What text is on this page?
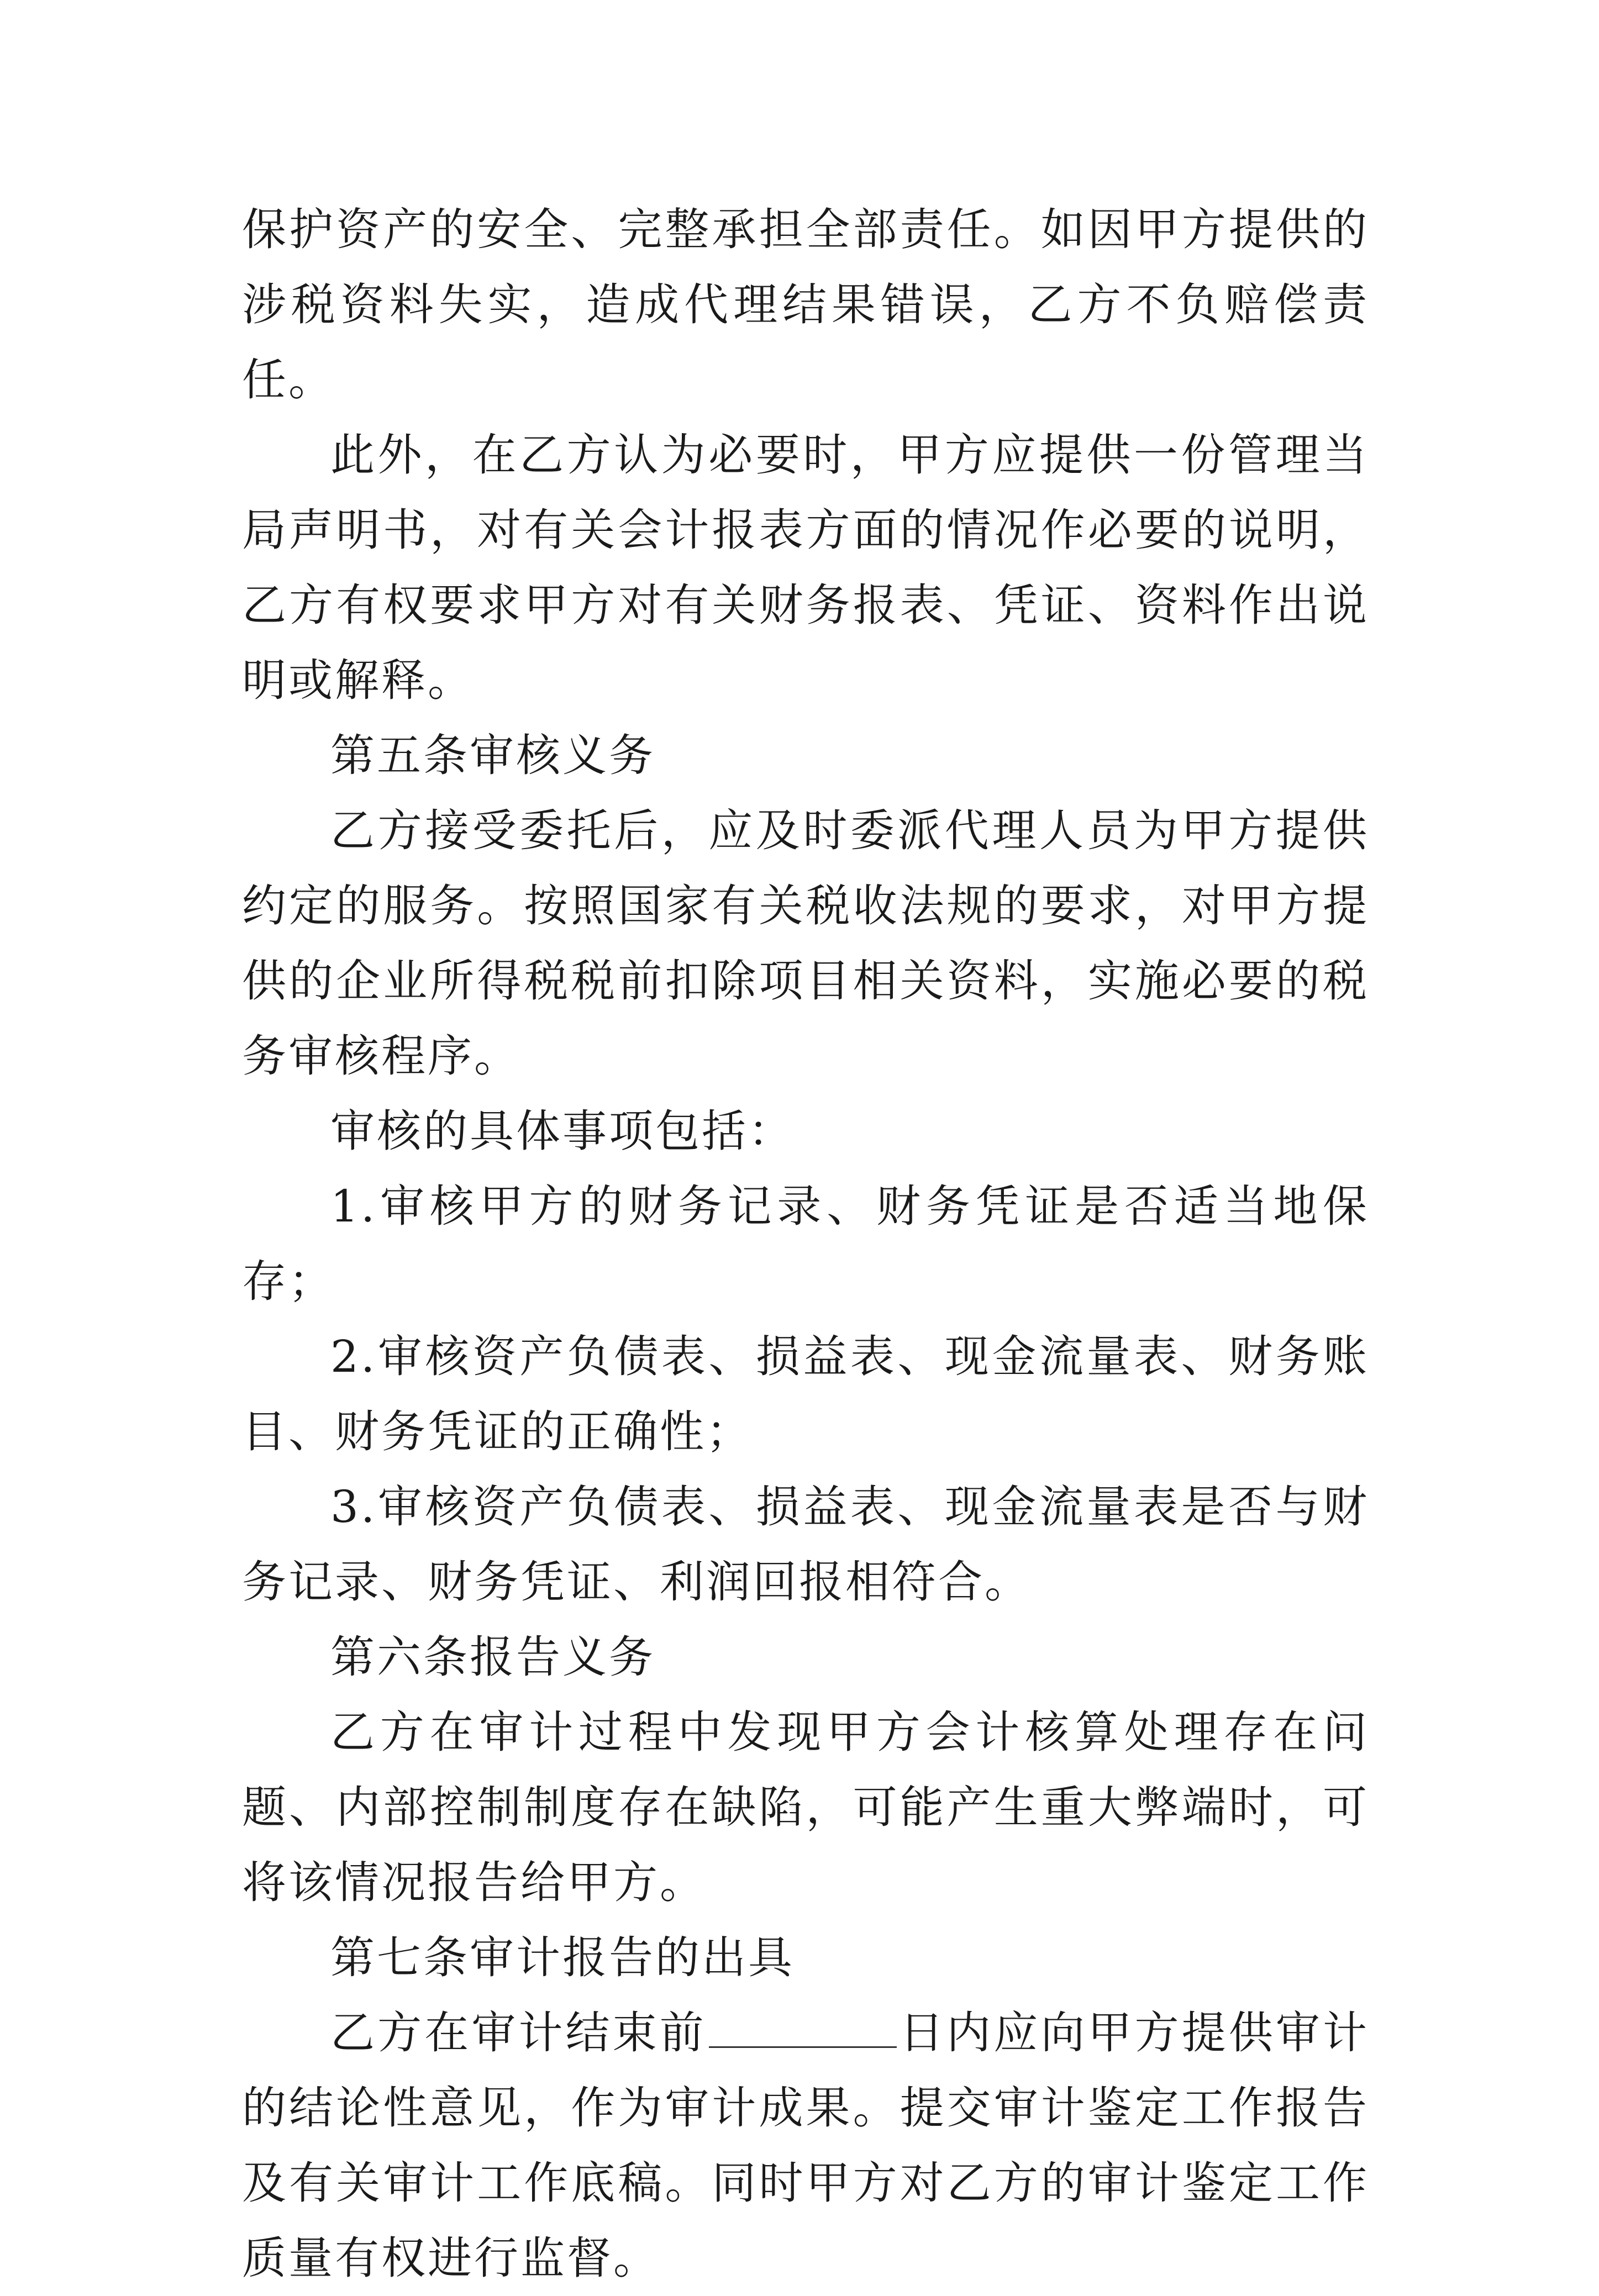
保护资产的安全、完整承担全部责任。如因甲方提供的涉税资料失实，造成代理结果错误，乙方不负赔偿责任。

此外，在乙方认为必要时，甲方应提供一份管理当局声明书，对有关会计报表方面的情况作必要的说明，乙方有权要求甲方对有关财务报表、凭证、资料作出说明或解释。

第五条审核义务

乙方接受委托后，应及时委派代理人员为甲方提供约定的服务。按照国家有关税收法规的要求，对甲方提供的企业所得税税前扣除项目相关资料，实施必要的税务审核程序。

审核的具体事项包括：

1.审核甲方的财务记录、财务凭证是否适当地保存；

2.审核资产负债表、损益表、现金流量表、财务账目、财务凭证的正确性；

3.审核资产负债表、损益表、现金流量表是否与财务记录、财务凭证、利润回报相符合。

第六条报告义务

乙方在审计过程中发现甲方会计核算处理存在问题、内部控制制度存在缺陷，可能产生重大弊端时，可将该情况报告给甲方。

第七条审计报告的出具

乙方在审计结束前	日内应向甲方提供审计的结论性意见，作为审计成果。提交审计鉴定工作报告及有关审计工作底稿。同时甲方对乙方的审计鉴定工作质量有权进行监督。
